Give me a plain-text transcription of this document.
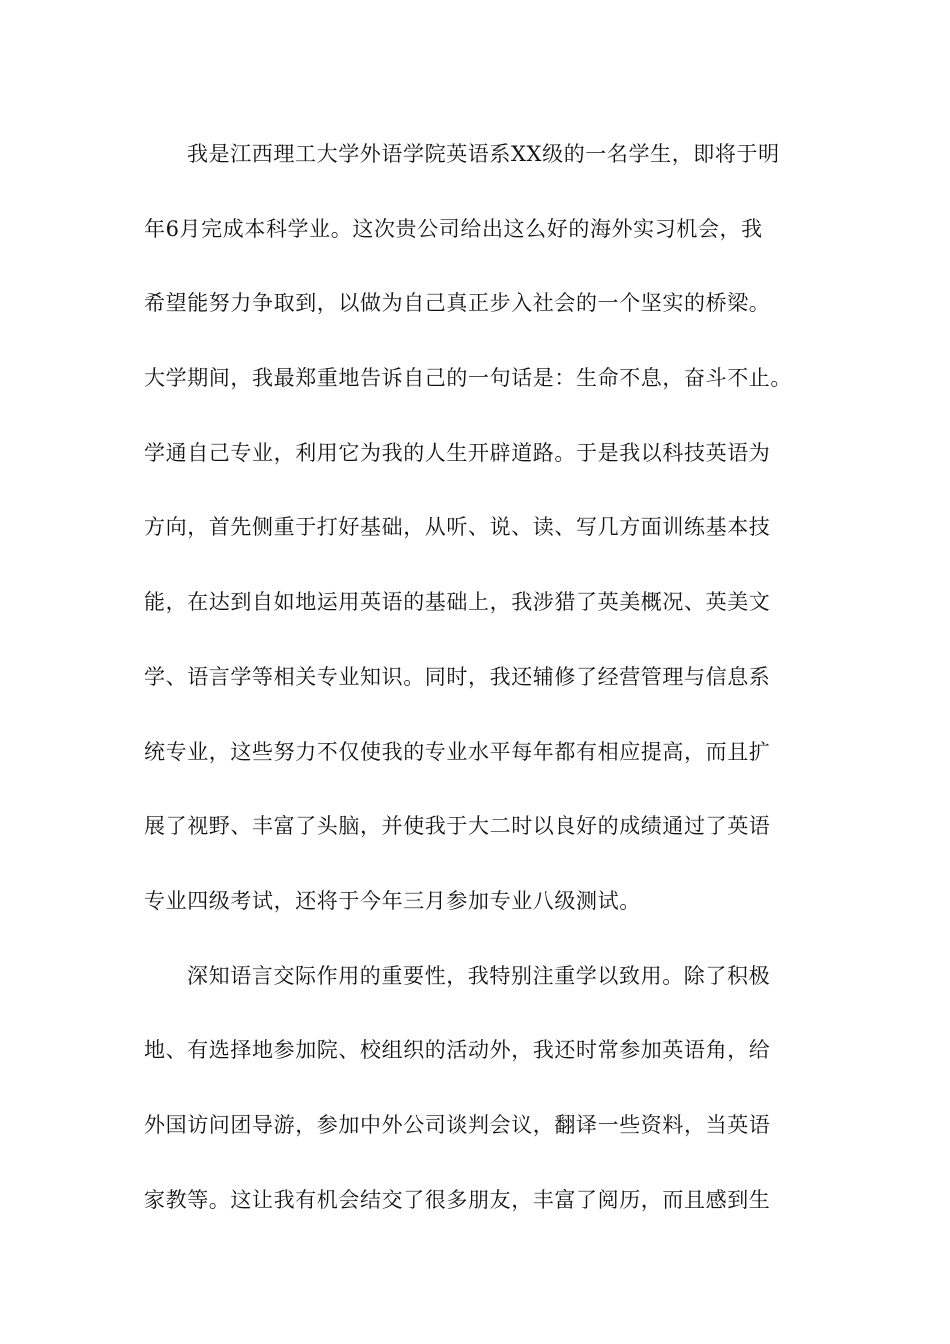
我是江西理工大学外语学院英语系XX级的一名学生，即将于明
年6月完成本科学业。这次贵公司给出这么好的海外实习机会，我
希望能努力争取到，以做为自己真正步入社会的一个坚实的桥梁。
大学期间，我最郑重地告诉自己的一句话是：生命不息，奋斗不止。
学通自己专业，利用它为我的人生开辟道路。于是我以科技英语为
方向，首先侧重于打好基础，从听、说、读、写几方面训练基本技
能，在达到自如地运用英语的基础上，我涉猎了英美概况、英美文
学、语言学等相关专业知识。同时，我还辅修了经营管理与信息系
统专业，这些努力不仅使我的专业水平每年都有相应提高，而且扩
展了视野、丰富了头脑，并使我于大二时以良好的成绩通过了英语
专业四级考试，还将于今年三月参加专业八级测试。
深知语言交际作用的重要性，我特别注重学以致用。除了积极
地、有选择地参加院、校组织的活动外，我还时常参加英语角，给
外国访问团导游，参加中外公司谈判会议，翻译一些资料，当英语
家教等。这让我有机会结交了很多朋友，丰富了阅历，而且感到生
